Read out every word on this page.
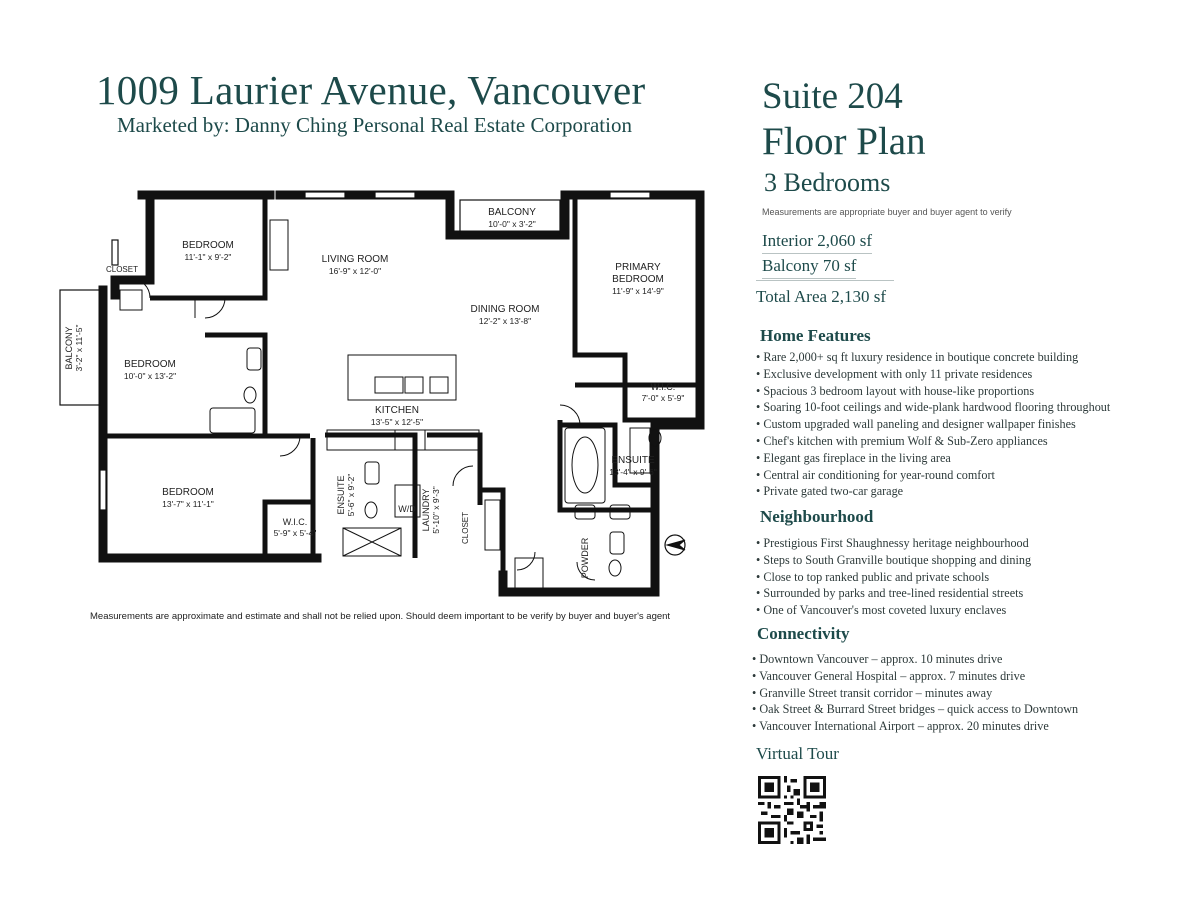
1009 Laurier Avenue, Vancouver
Marketed by: Danny Ching Personal Real Estate Corporation
Suite 204
Floor Plan
3 Bedrooms
Measurements are appropriate buyer and buyer agent to verify
Interior 2,060 sf
Balcony 70 sf
Total Area 2,130 sf
Home Features
• Rare 2,000+ sq ft luxury residence in boutique concrete building
• Exclusive development with only 11 private residences
• Spacious 3 bedroom layout with house-like proportions
• Soaring 10-foot ceilings and wide-plank hardwood flooring throughout
• Custom upgraded wall paneling and designer wallpaper finishes
• Chef's kitchen with premium Wolf & Sub-Zero appliances
• Elegant gas fireplace in the living area
• Central air conditioning for year-round comfort
• Private gated two-car garage
Neighbourhood
• Prestigious First Shaughnessy heritage neighbourhood
• Steps to South Granville boutique shopping and dining
• Close to top ranked public and private schools
• Surrounded by parks and tree-lined residential streets
• One of Vancouver's most coveted luxury enclaves
Connectivity
• Downtown Vancouver – approx. 10 minutes drive
• Vancouver General Hospital – approx. 7 minutes drive
• Granville Street transit corridor – minutes away
• Oak Street & Burrard Street bridges – quick access to Downtown
• Vancouver International Airport – approx. 20 minutes drive
Virtual Tour
BEDROOM
11'-1" x 9'-2"
CLOSET
BALCONY 3'-2" x 11'-5"	BEDROOM
10'-0" x 13'-2"
LIVING ROOM
16'-9" x 12'-0"
BALCONY
10'-0" x 3'-2"
DINING ROOM
12'-2" x 13'-8"
PRIMARY
BEDROOM
11'-9" x 14'-9"
W.I.C.
7'-0" x 5'-9"
KITCHEN
13'-5" x 12'-5"
ENSUITE
13'-4" x 9'-6"
BEDROOM
13'-7" x 11'-1"
W.I.C.
5'-9" x 5'-4"
ENSUITE 5'-6" x 9'-2"	W/D LAUNDRY 5'-10" x 9'-3"	CLOSET
POWDER
Measurements are approximate and estimate and shall not be relied upon. Should deem important to be verify by buyer and buyer's agent
